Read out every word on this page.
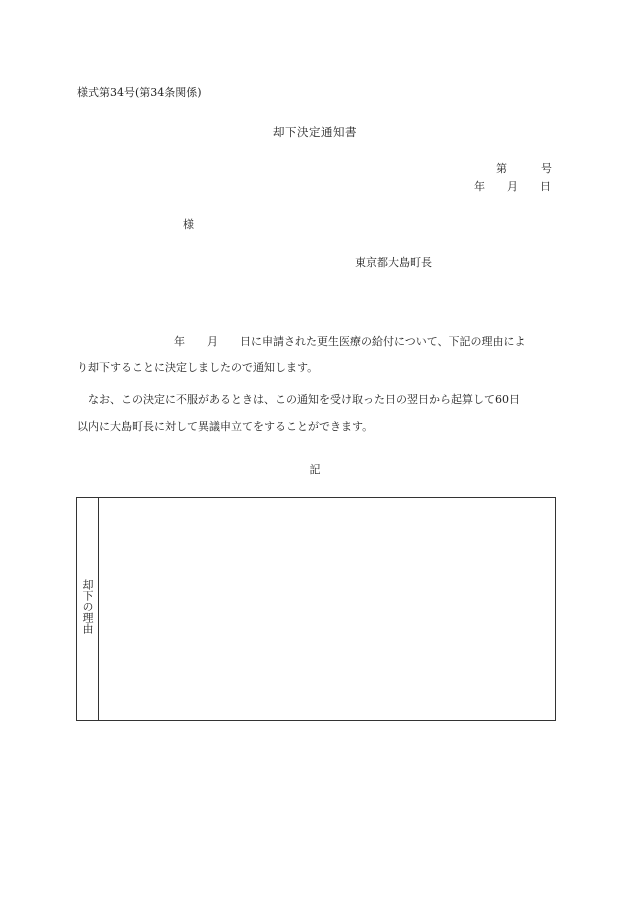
様式第34号(第34条関係)
却下決定通知書
第	号
年 月 日
様
東京都大島町長
年 月 日に申請された更生医療の給付について、下記の理由によ
り却下することに決定しましたので通知します。
なお、この決定に不服があるときは、この通知を受け取った日の翌日から起算して60日
以内に大島町長に対して異議申立てをすることができます。
記
却下の理由
